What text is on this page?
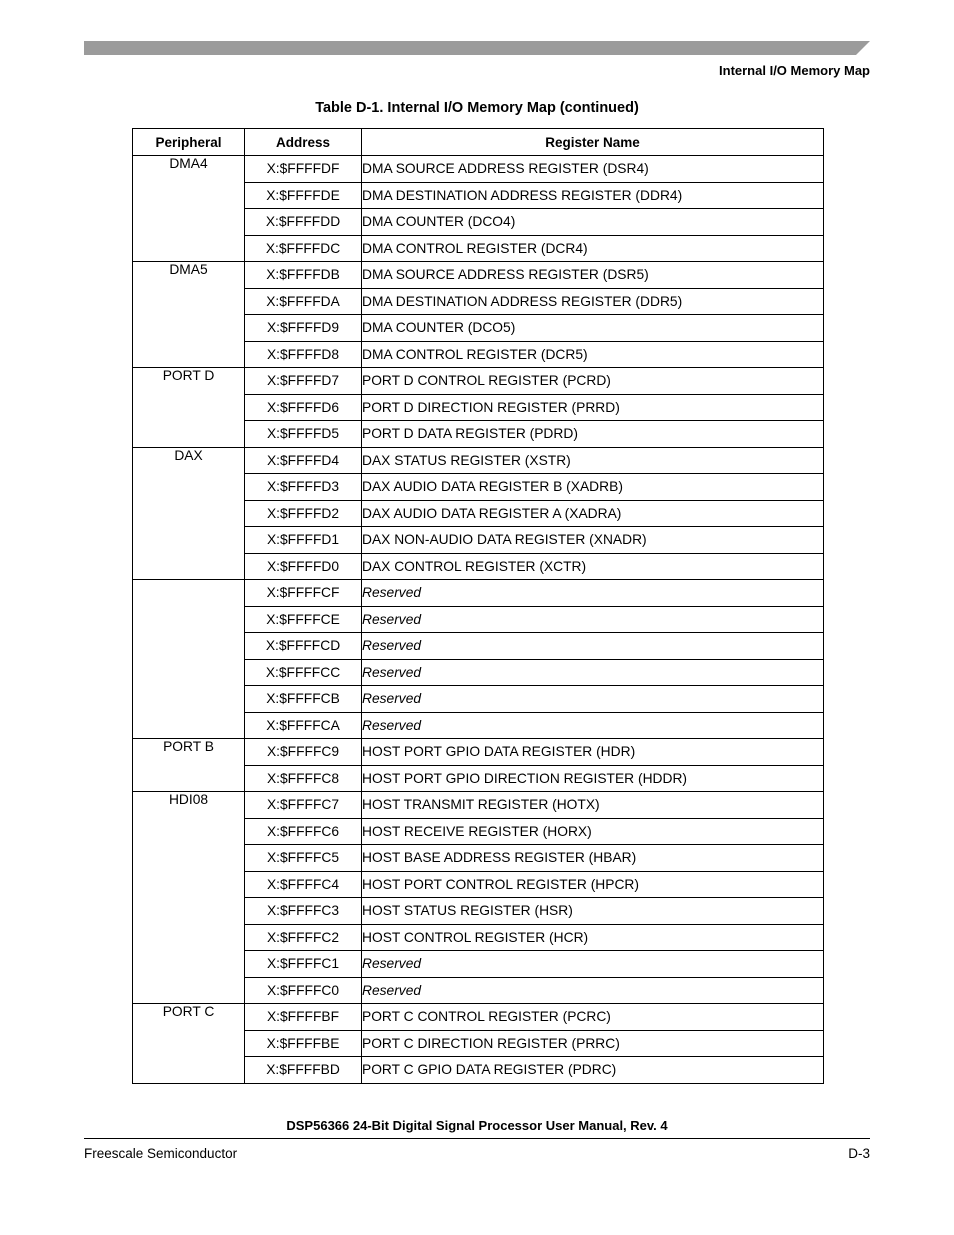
Internal I/O Memory Map
Table D-1. Internal I/O Memory Map (continued)
Peripheral	Address	Register Name
DMA4	X:$FFFFDF	DMA SOURCE ADDRESS REGISTER (DSR4)
	X:$FFFFDE	DMA DESTINATION ADDRESS REGISTER (DDR4)
	X:$FFFFDD	DMA COUNTER (DCO4)
	X:$FFFFDC	DMA CONTROL REGISTER (DCR4)
DMA5	X:$FFFFDB	DMA SOURCE ADDRESS REGISTER (DSR5)
	X:$FFFFDA	DMA DESTINATION ADDRESS REGISTER (DDR5)
	X:$FFFFD9	DMA COUNTER (DCO5)
	X:$FFFFD8	DMA CONTROL REGISTER (DCR5)
PORT D	X:$FFFFD7	PORT D CONTROL REGISTER (PCRD)
	X:$FFFFD6	PORT D DIRECTION REGISTER (PRRD)
	X:$FFFFD5	PORT D DATA REGISTER (PDRD)
DAX	X:$FFFFD4	DAX STATUS REGISTER (XSTR)
	X:$FFFFD3	DAX AUDIO DATA REGISTER B (XADRB)
	X:$FFFFD2	DAX AUDIO DATA REGISTER A (XADRA)
	X:$FFFFD1	DAX NON-AUDIO DATA REGISTER (XNADR)
	X:$FFFFD0	DAX CONTROL REGISTER (XCTR)
	X:$FFFFCF	Reserved
	X:$FFFFCE	Reserved
	X:$FFFFCD	Reserved
	X:$FFFFCC	Reserved
	X:$FFFFCB	Reserved
	X:$FFFFCA	Reserved
PORT B	X:$FFFFC9	HOST PORT GPIO DATA REGISTER (HDR)
	X:$FFFFC8	HOST PORT GPIO DIRECTION REGISTER (HDDR)
HDI08	X:$FFFFC7	HOST TRANSMIT REGISTER (HOTX)
	X:$FFFFC6	HOST RECEIVE REGISTER (HORX)
	X:$FFFFC5	HOST BASE ADDRESS REGISTER (HBAR)
	X:$FFFFC4	HOST PORT CONTROL REGISTER (HPCR)
	X:$FFFFC3	HOST STATUS REGISTER (HSR)
	X:$FFFFC2	HOST CONTROL REGISTER (HCR)
	X:$FFFFC1	Reserved
	X:$FFFFC0	Reserved
PORT C	X:$FFFFBF	PORT C CONTROL REGISTER (PCRC)
	X:$FFFFBE	PORT C DIRECTION REGISTER (PRRC)
	X:$FFFFBD	PORT C GPIO DATA REGISTER (PDRC)
DSP56366 24-Bit Digital Signal Processor User Manual, Rev. 4
Freescale Semiconductor	D-3
